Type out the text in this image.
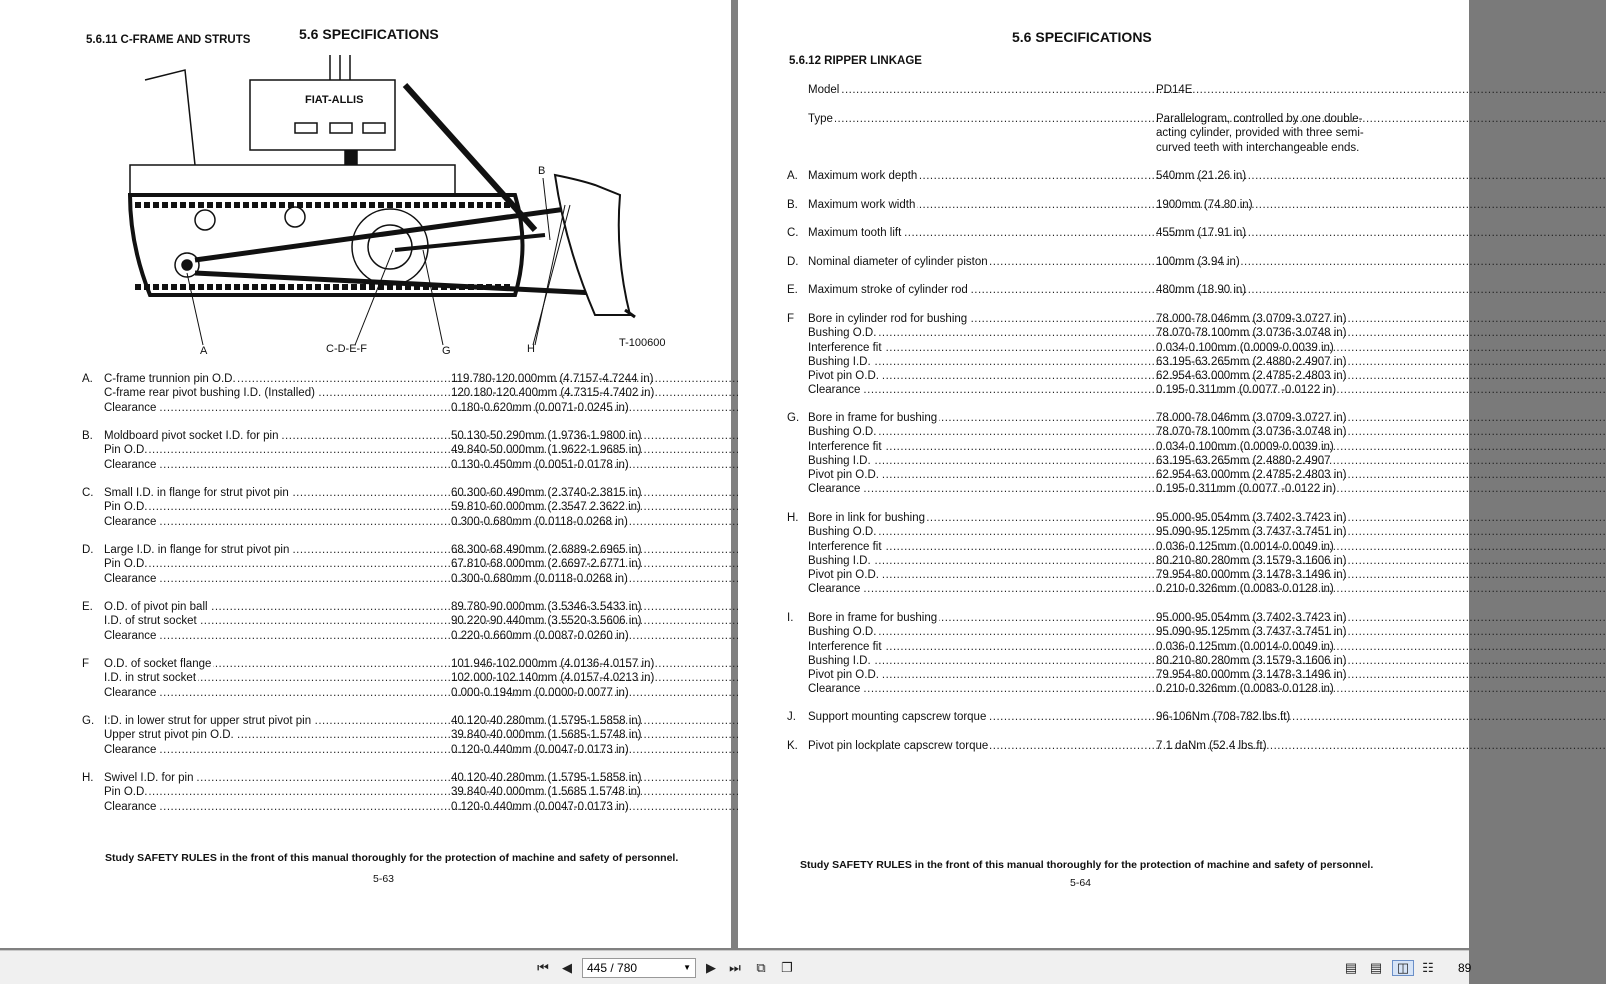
5.6.11 C-FRAME AND STRUTS	5.6 SPECIFICATIONS
FIAT-ALLIS
B
A	C-D-E-F	G	H	T-100600
A. C-frame trunnion pin O.D. .....	119.780-120.000mm (4.7157-4.7244 in)
C-frame rear pivot bushing I.D. (Installed) .....	120.180-120.400mm (4.7315-4.7402 in)
Clearance .....	0.180-0.620mm (0.0071-0.0245 in)
B. Moldboard pivot socket I.D. for pin .....	50.130-50.290mm (1.9736-1.9800 in)
Pin O.D. .....	49.840-50.000mm (1.9622-1.9685 in)
Clearance .....	0.130-0.450mm (0.0051-0.0178 in)
C. Small I.D. in flange for strut pivot pin .....	60.300-60.490mm (2.3740-2.3815 in)
Pin O.D. .....	59.810-60.000mm (2.3547 2.3622 in)
Clearance .....	0.300-0.680mm (0.0118-0.0268 in)
D. Large I.D. in flange for strut pivot pin .....	68.300-68.490mm (2.6889-2.6965 in)
Pin O.D. .....	67.810-68.000mm (2.6697-2.6771 in)
Clearance .....	0.300-0.680mm (0.0118-0.0268 in)
E. O.D. of pivot pin ball .....	89.780-90.000mm (3.5346-3.5433 in)
I.D. of strut socket .....	90.220-90.440mm (3.5520-3.5606 in)
Clearance .....	0.220-0.660mm (0.0087-0.0260 in)
F O.D. of socket flange .....	101.946-102.000mm (4.0136-4.0157 in)
I.D. in strut socket .....	102.000-102.140mm (4.0157-4.0213 in)
Clearance .....	0.000-0.194mm (0.0000-0.0077 in)
G. I:D. in lower strut for upper strut pivot pin .....	40.120-40.280mm (1.5795-1.5858 in)
Upper strut pivot pin O.D. .....	39.840-40.000mm (1.5685-1.5748 in)
Clearance .....	0.120-0.440mm (0.0047-0.0173 in)
H. Swivel I.D. for pin .....	40.120-40.280mm (1.5795-1.5858 in)
Pin O.D. .....	39.840-40.000mm (1.5685 1.5748 in)
Clearance .....	0.120-0.440mm (0.0047-0.0173 in)
Study SAFETY RULES in the front of this manual thoroughly for the protection of machine and safety of personnel.
5-63
5.6 SPECIFICATIONS
5.6.12 RIPPER LINKAGE
Model .....	PD14E
Type .....	Parallelogram, controlled by one double-
acting cylinder, provided with three semi-
curved teeth with interchangeable ends.
A. Maximum work depth .....	540mm (21.26 in)
B. Maximum work width .....	1900mm (74.80 in)
C. Maximum tooth lift .....	455mm (17.91 in)
D. Nominal diameter of cylinder piston .....	100mm (3.94 in)
E. Maximum stroke of cylinder rod .....	480mm (18.90 in)
F Bore in cylinder rod for bushing .....	78.000-78.046mm (3.0709-3.0727 in)
Bushing O.D. .....	78.070-78.100mm (3.0736-3.0748 in)
Interference fit .....	0.034-0.100mm (0.0009-0.0039 in)
Bushing I.D. .....	63.195-63.265mm (2.4880-2.4907 in)
Pivot pin O.D. .....	62.954-63.000mm (2.4785-2.4803 in)
Clearance .....	0.195-0.311mm (0.0077 -0.0122 in)
G. Bore in frame for bushing .....	78.000-78.046mm (3.0709-3.0727 in)
Bushing O.D. .....	78.070-78.100mm (3.0736-3.0748 in)
Interference fit .....	0.034-0.100mm (0.0009-0.0039 in)
Bushing I.D. .....	63.195-63.265mm (2.4880-2.4907
Pivot pin O.D. .....	62.954-63.000mm (2.4785-2.4803 in)
Clearance .....	0.195-0.311mm (0.0077 -0.0122 in)
H. Bore in link for bushing .....	95.000-95.054mm (3.7402-3.7423 in)
Bushing O.D. .....	95.090-95.125mm (3.7437-3.7451 in)
Interference fit .....	0.036-0.125mm (0.0014-0.0049 in)
Bushing I.D. .....	80.210-80.280mm (3.1579-3.1606 in)
Pivot pin O.D. .....	79.954-80.000mm (3.1478-3.1496 in)
Clearance .....	0.210-0.326mm (0.0083-0.0128 in)
I. Bore in frame for bushing .....	95.000-95.054mm (3.7402-3.7423 in)
Bushing O.D. .....	95.090-95.125mm (3.7437-3.7451 in)
Interference fit .....	0.036-0.125mm (0.0014-0.0049 in)
Bushing I.D. .....	80.210-80.280mm (3.1579-3.1606 in)
Pivot pin O.D. .....	79.954-80.000mm (3.1478-3.1496 in)
Clearance .....	0.210-0.326mm (0.0083-0.0128 in)
J. Support mounting capscrew torque .....	96-106Nm (708-782 lbs.ft)
K. Pivot pin lockplate capscrew torque .....	7 1 daNm (52.4 lbs.ft)
Study SAFETY RULES in the front of this manual thoroughly for the protection of machine and safety of personnel.
5-64
⏮ ◀	445 / 780	▼ ▶ ⏭ ⧉ ❐	▤ ▤	◫	☷ 89
